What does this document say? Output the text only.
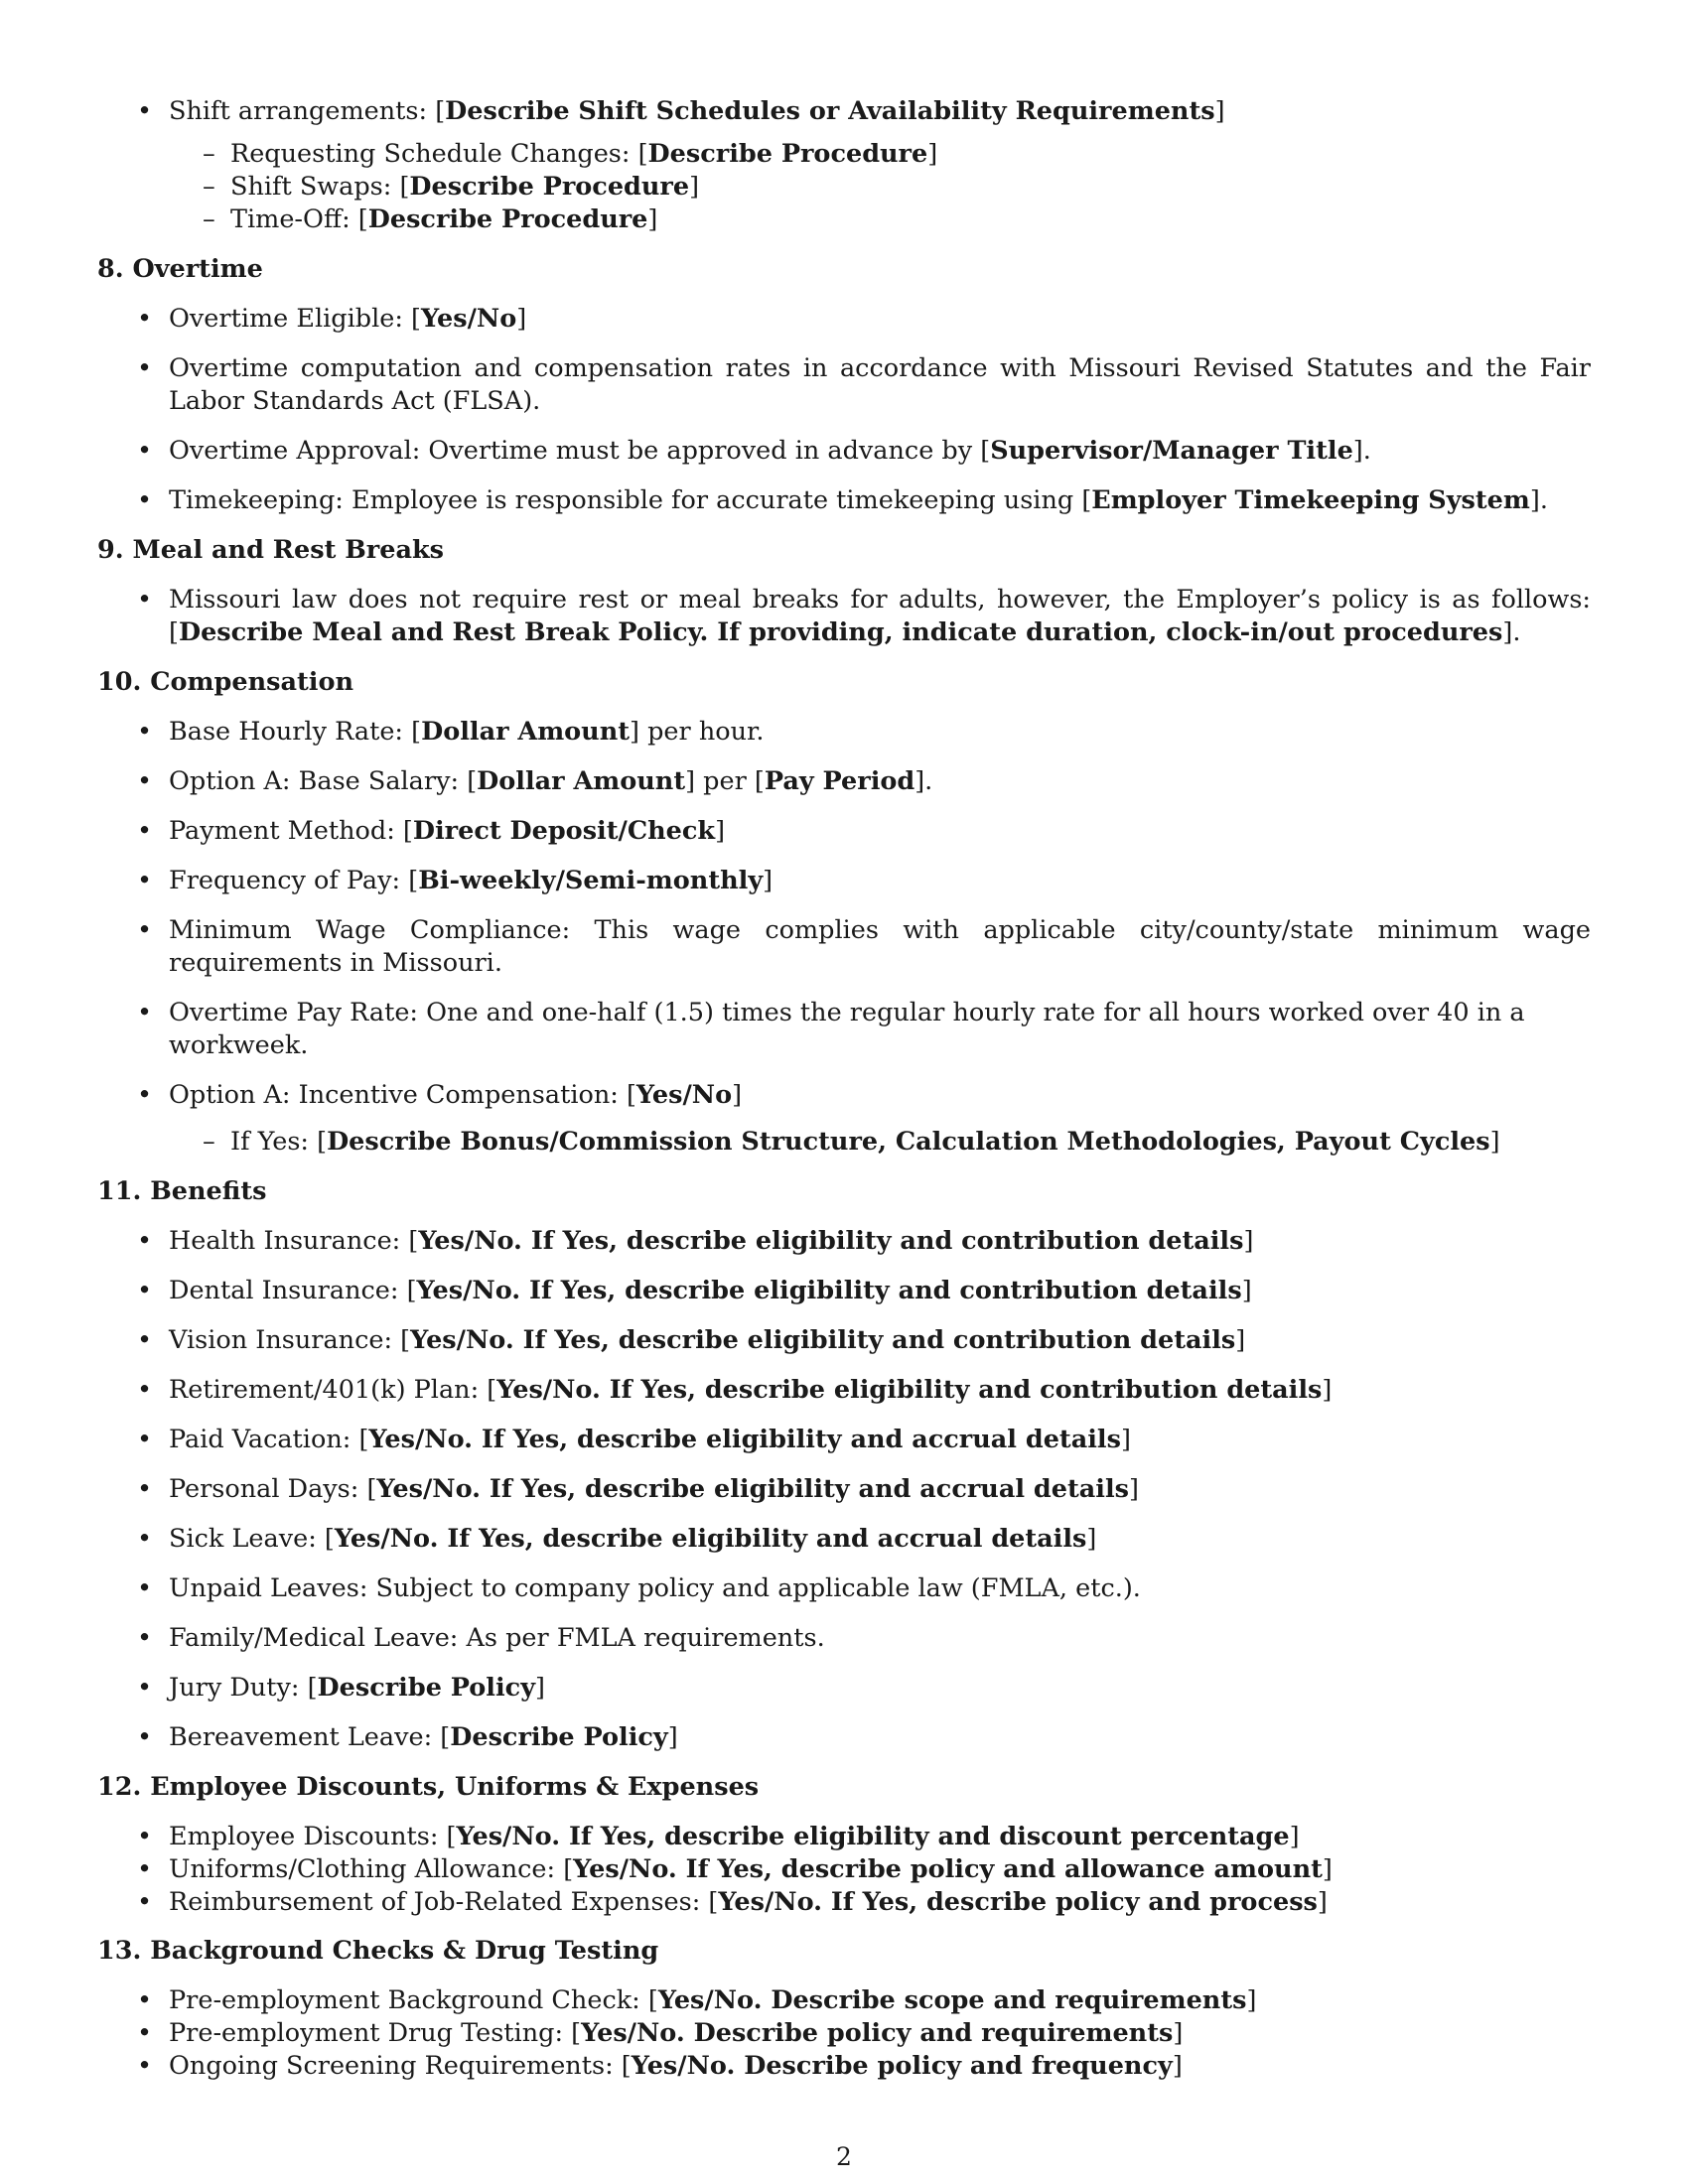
• Shift arrangements: [Describe Shift Schedules or Availability Requirements]
– Requesting Schedule Changes: [Describe Procedure]
– Shift Swaps: [Describe Procedure]
– Time-Off: [Describe Procedure]
8. Overtime
• Overtime Eligible: [Yes/No]
• Overtime computation and compensation rates in accordance with Missouri Revised Statutes and the Fair Labor Standards Act (FLSA).
• Overtime Approval: Overtime must be approved in advance by [Supervisor/Manager Title].
• Timekeeping: Employee is responsible for accurate timekeeping using [Employer Timekeeping System].
9. Meal and Rest Breaks
• Missouri law does not require rest or meal breaks for adults, however, the Employer’s policy is as follows: [Describe Meal and Rest Break Policy. If providing, indicate duration, clock-in/out procedures].
10. Compensation
• Base Hourly Rate: [Dollar Amount] per hour.
• Option A: Base Salary: [Dollar Amount] per [Pay Period].
• Payment Method: [Direct Deposit/Check]
• Frequency of Pay: [Bi-weekly/Semi-monthly]
• Minimum Wage Compliance: This wage complies with applicable city/county/state minimum wage requirements in Missouri.
• Overtime Pay Rate: One and one-half (1.5) times the regular hourly rate for all hours worked over 40 in a workweek.
• Option A: Incentive Compensation: [Yes/No]
– If Yes: [Describe Bonus/Commission Structure, Calculation Methodologies, Payout Cycles]
11. Benefits
• Health Insurance: [Yes/No. If Yes, describe eligibility and contribution details]
• Dental Insurance: [Yes/No. If Yes, describe eligibility and contribution details]
• Vision Insurance: [Yes/No. If Yes, describe eligibility and contribution details]
• Retirement/401(k) Plan: [Yes/No. If Yes, describe eligibility and contribution details]
• Paid Vacation: [Yes/No. If Yes, describe eligibility and accrual details]
• Personal Days: [Yes/No. If Yes, describe eligibility and accrual details]
• Sick Leave: [Yes/No. If Yes, describe eligibility and accrual details]
• Unpaid Leaves: Subject to company policy and applicable law (FMLA, etc.).
• Family/Medical Leave: As per FMLA requirements.
• Jury Duty: [Describe Policy]
• Bereavement Leave: [Describe Policy]
12. Employee Discounts, Uniforms & Expenses
• Employee Discounts: [Yes/No. If Yes, describe eligibility and discount percentage]
• Uniforms/Clothing Allowance: [Yes/No. If Yes, describe policy and allowance amount]
• Reimbursement of Job-Related Expenses: [Yes/No. If Yes, describe policy and process]
13. Background Checks & Drug Testing
• Pre-employment Background Check: [Yes/No. Describe scope and requirements]
• Pre-employment Drug Testing: [Yes/No. Describe policy and requirements]
• Ongoing Screening Requirements: [Yes/No. Describe policy and frequency]
2
